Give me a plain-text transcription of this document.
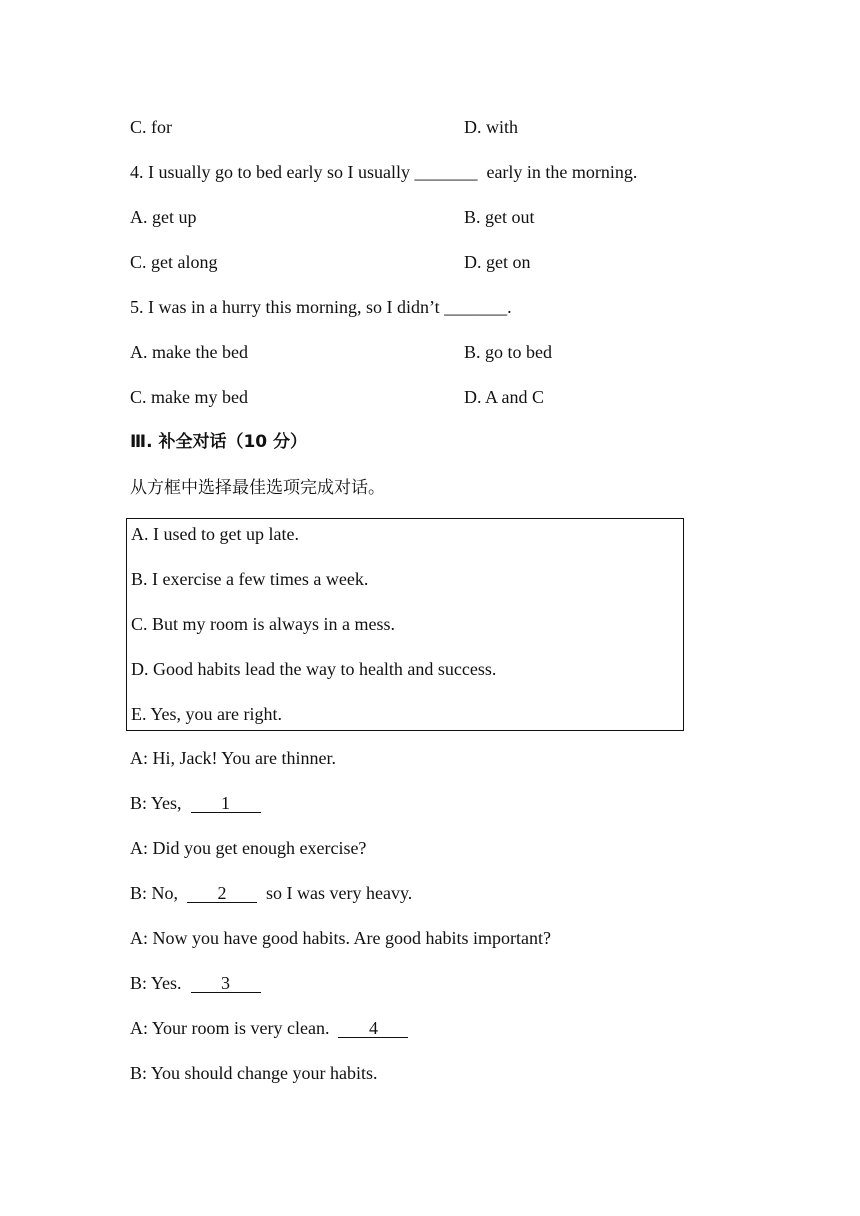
C. for	D. with
4. I usually go to bed early so I usually _______  early in the morning.
A. get up	B. get out
C. get along	D. get on
5. I was in a hurry this morning, so I didn’t _______.
A. make the bed	B. go to bed
C. make my bed	D. A and C
Ⅲ. 补全对话（10 分）
从方框中选择最佳选项完成对话。
A. I used to get up late.
B. I exercise a few times a week.
C. But my room is always in a mess.
D. Good habits lead the way to health and success.
E. Yes, you are right.
A: Hi, Jack! You are thinner.
B: Yes,  1
A: Did you get enough exercise?
B: No,  2  so I was very heavy.
A: Now you have good habits. Are good habits important?
B: Yes.  3
A: Your room is very clean.  4
B: You should change your habits.
